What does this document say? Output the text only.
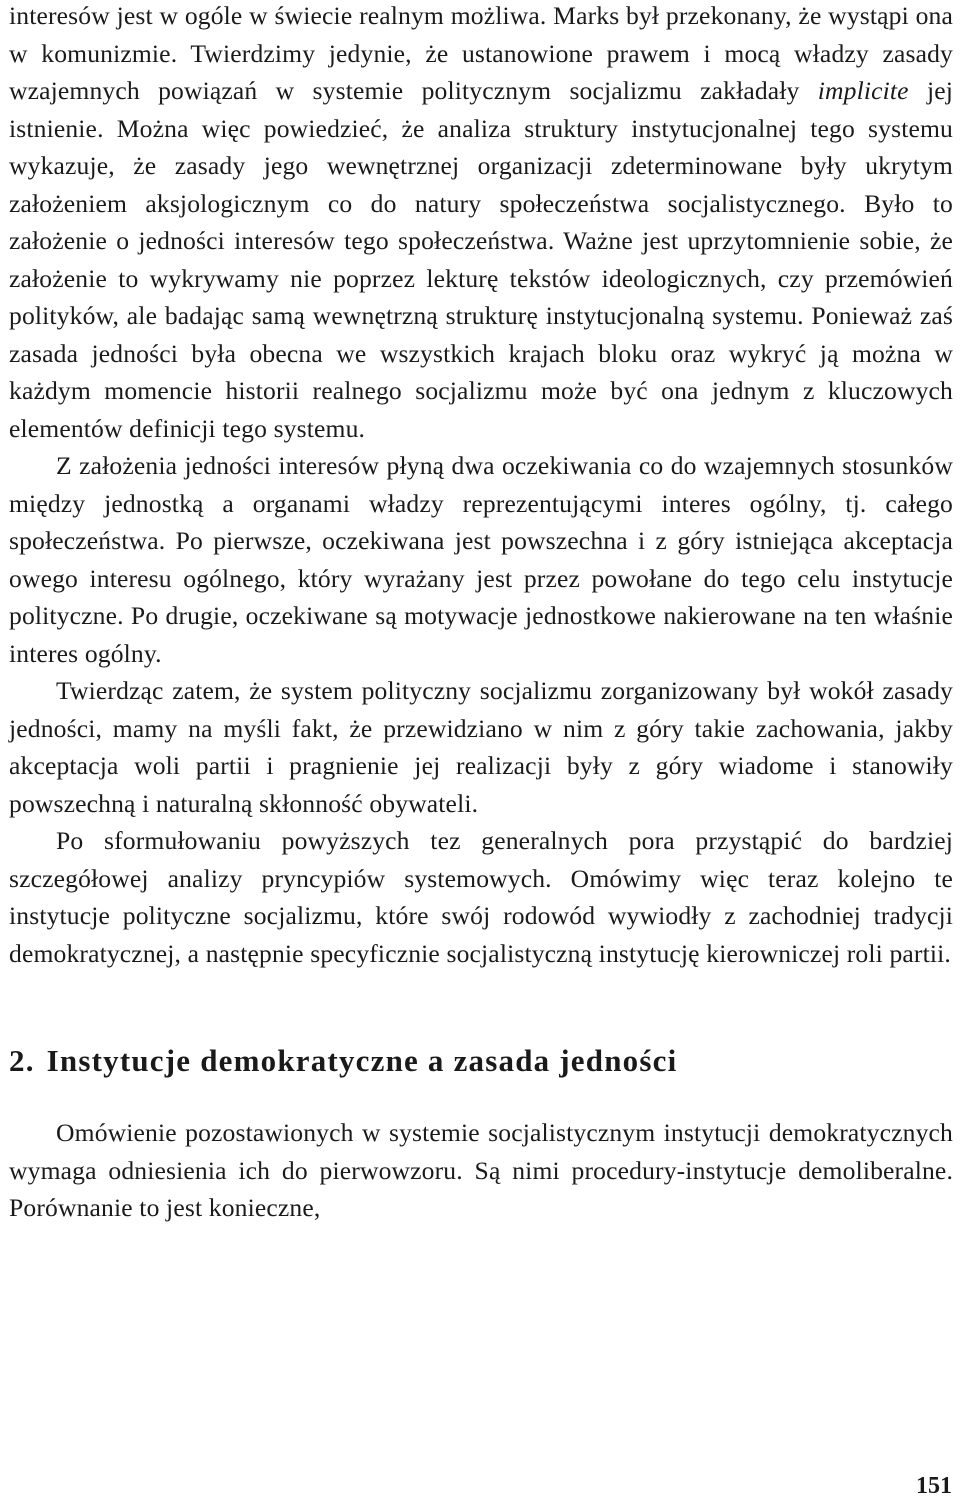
interesów jest w ogóle w świecie realnym możliwa. Marks był przekonany, że wystąpi ona w komunizmie. Twierdzimy jedynie, że ustanowione prawem i mocą władzy zasady wzajemnych powiązań w systemie politycznym socjalizmu zakładały implicite jej istnienie. Można więc powiedzieć, że analiza struktury instytucjonalnej tego systemu wykazuje, że zasady jego wewnętrznej organizacji zdeterminowane były ukrytym założeniem aksjologicznym co do natury społeczeństwa socjalistycznego. Było to założenie o jedności interesów tego społeczeństwa. Ważne jest uprzytomnienie sobie, że założenie to wykrywamy nie poprzez lekturę tekstów ideologicznych, czy przemówień polityków, ale badając samą wewnętrzną strukturę instytucjonalną systemu. Ponieważ zaś zasada jedności była obecna we wszystkich krajach bloku oraz wykryć ją można w każdym momencie historii realnego socjalizmu może być ona jednym z kluczowych elementów definicji tego systemu.

Z założenia jedności interesów płyną dwa oczekiwania co do wzajemnych stosunków między jednostką a organami władzy reprezentującymi interes ogólny, tj. całego społeczeństwa. Po pierwsze, oczekiwana jest powszechna i z góry istniejąca akceptacja owego interesu ogólnego, który wyrażany jest przez powołane do tego celu instytucje polityczne. Po drugie, oczekiwane są motywacje jednostkowe nakierowane na ten właśnie interes ogólny.

Twierdząc zatem, że system polityczny socjalizmu zorganizowany był wokół zasady jedności, mamy na myśli fakt, że przewidziano w nim z góry takie zachowania, jakby akceptacja woli partii i pragnienie jej realizacji były z góry wiadome i stanowiły powszechną i naturalną skłonność obywateli.

Po sformułowaniu powyższych tez generalnych pora przystąpić do bardziej szczegółowej analizy pryncypiów systemowych. Omówimy więc teraz kolejno te instytucje polityczne socjalizmu, które swój rodowód wywiodły z zachodniej tradycji demokratycznej, a następnie specyficznie socjalistyczną instytucję kierowniczej roli partii.

2. Instytucje demokratyczne a zasada jedności

Omówienie pozostawionych w systemie socjalistycznym instytucji demokratycznych wymaga odniesienia ich do pierwowzoru. Są nimi procedury-instytucje demoliberalne. Porównanie to jest konieczne,

151
